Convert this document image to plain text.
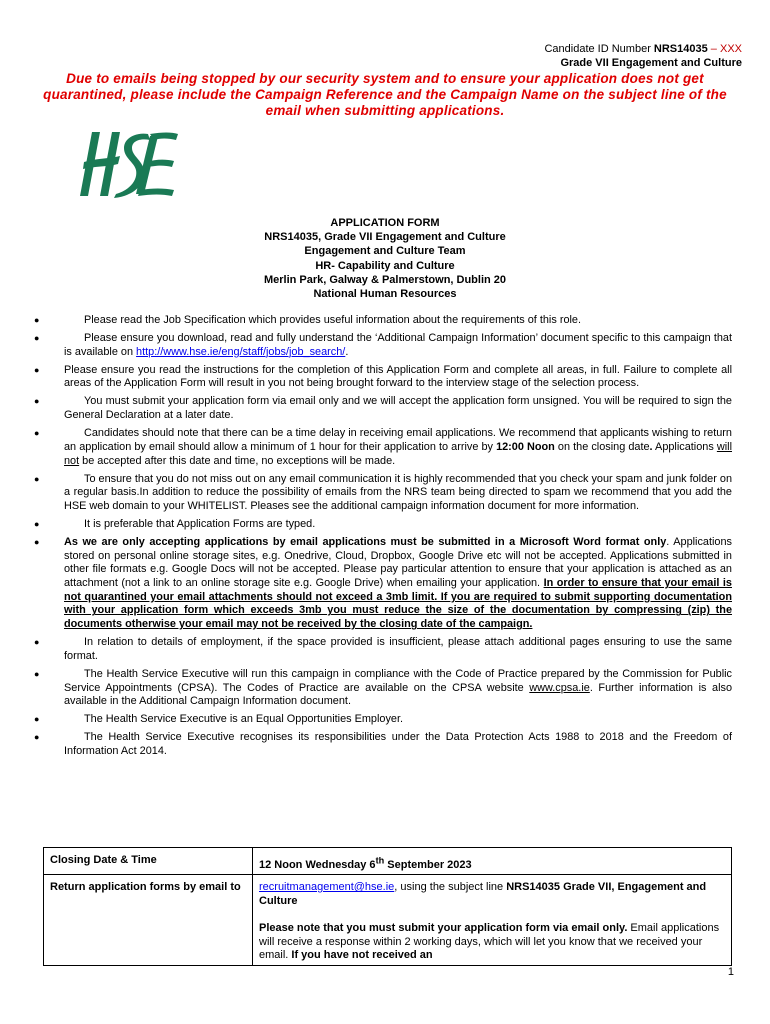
Candidate ID Number NRS14035 – XXX
Grade VII Engagement and Culture
Due to emails being stopped by our security system and to ensure your application does not get quarantined, please include the Campaign Reference and the Campaign Name on the subject line of the email when submitting applications.
APPLICATION FORM
NRS14035, Grade VII Engagement and Culture
Engagement and Culture Team
HR- Capability and Culture
Merlin Park, Galway & Palmerstown, Dublin 20
National Human Resources
●	Please read the Job Specification which provides useful information about the requirements of this role.
●	Please ensure you download, read and fully understand the ‘Additional Campaign Information’ document specific to this campaign that is available on http://www.hse.ie/eng/staff/jobs/job_search/.
● Please ensure you read the instructions for the completion of this Application Form and complete all areas, in full. Failure to complete all areas of the Application Form will result in you not being brought forward to the interview stage of the selection process.
●	You must submit your application form via email only and we will accept the application form unsigned. You will be required to sign the General Declaration at a later date.
●	Candidates should note that there can be a time delay in receiving email applications. We recommend that applicants wishing to return an application by email should allow a minimum of 1 hour for their application to arrive by 12:00 Noon on the closing date. Applications will not be accepted after this date and time, no exceptions will be made.
●	To ensure that you do not miss out on any email communication it is highly recommended that you check your spam and junk folder on a regular basis.In addition to reduce the possibility of emails from the NRS team being directed to spam we recommend that you add the HSE web domain to your WHITELIST. Pleases see the additional campaign information document for more information.
●	It is preferable that Application Forms are typed.
● As we are only accepting applications by email applications must be submitted in a Microsoft Word format only. Applications stored on personal online storage sites, e.g. Onedrive, Cloud, Dropbox, Google Drive etc will not be accepted. Applications submitted in other file formats e.g. Google Docs will not be accepted. Please pay particular attention to ensure that your application is attached as an attachment (not a link to an online storage site e.g. Google Drive) when emailing your application. In order to ensure that your email is not quarantined your email attachments should not exceed a 3mb limit. If you are required to submit supporting documentation with your application form which exceeds 3mb you must reduce the size of the documentation by compressing (zip) the documents otherwise your email may not be received by the closing date of the campaign.
●	In relation to details of employment, if the space provided is insufficient, please attach additional pages ensuring to use the same format.
●	The Health Service Executive will run this campaign in compliance with the Code of Practice prepared by the Commission for Public Service Appointments (CPSA). The Codes of Practice are available on the CPSA website www.cpsa.ie. Further information is also available in the Additional Campaign Information document.
●	The Health Service Executive is an Equal Opportunities Employer.
●	The Health Service Executive recognises its responsibilities under the Data Protection Acts 1988 to 2018 and the Freedom of Information Act 2014.
Closing Date & Time	12 Noon Wednesday 6th September 2023
Return application forms by email to	recruitmanagement@hse.ie, using the subject line NRS14035 Grade VII, Engagement and Culture
Please note that you must submit your application form via email only. Email applications will receive a response within 2 working days, which will let you know that we received your email. If you have not received an
1
